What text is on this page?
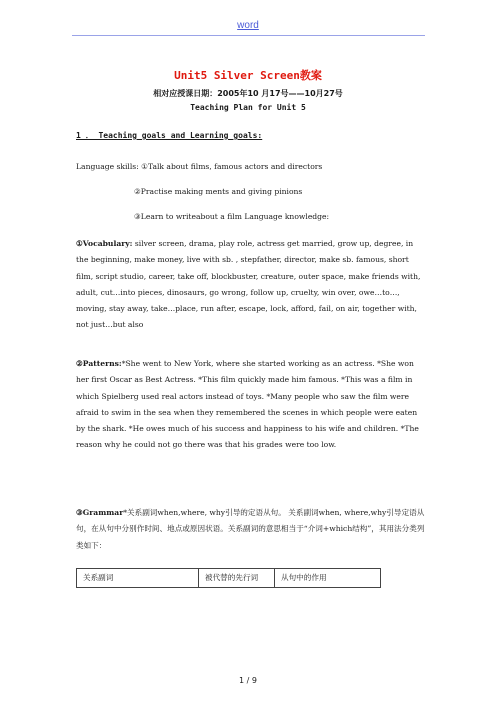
word
Unit5 Silver Screen教案
相对应授课日期：2005年10 月17号——10月27号
Teaching Plan for Unit 5
1 ． Teaching goals and Learning goals:
Language skills: ①Talk about films, famous actors and directors
②Practise making ments and giving pinions
③Learn to writeabout a film Language knowledge:
①Vocabulary: silver screen, drama, play role, actress get married, grow up, degree, in the beginning, make money, live with sb. , stepfather, director, make sb. famous, short film, script studio, career, take off, blockbuster, creature, outer space, make friends with, adult, cut…into pieces, dinosaurs, go wrong, follow up, cruelty, win over, owe…to…, moving, stay away, take…place, run after, escape, lock, afford, fail, on air, together with, not just…but also
②Patterns:*She went to New York, where she started working as an actress. *She won her first Oscar as Best Actress. *This film quickly made him famous. *This was a film in which Spielberg used real actors instead of toys. *Many people who saw the film were afraid to swim in the sea when they remembered the scenes in which people were eaten by the shark. *He owes much of his success and happiness to his wife and children. *The reason why he could not go there was that his grades were too low.
③Grammar*关系副词when,where, why引导的定语从句。 关系副词when, where,why引导定语从句，在从句中分别作时间、地点或原因状语。关系副词的意思相当于“介词+which结构”，其用法分类列类如下：
关系副词	被代替的先行词	从句中的作用
1 / 9
